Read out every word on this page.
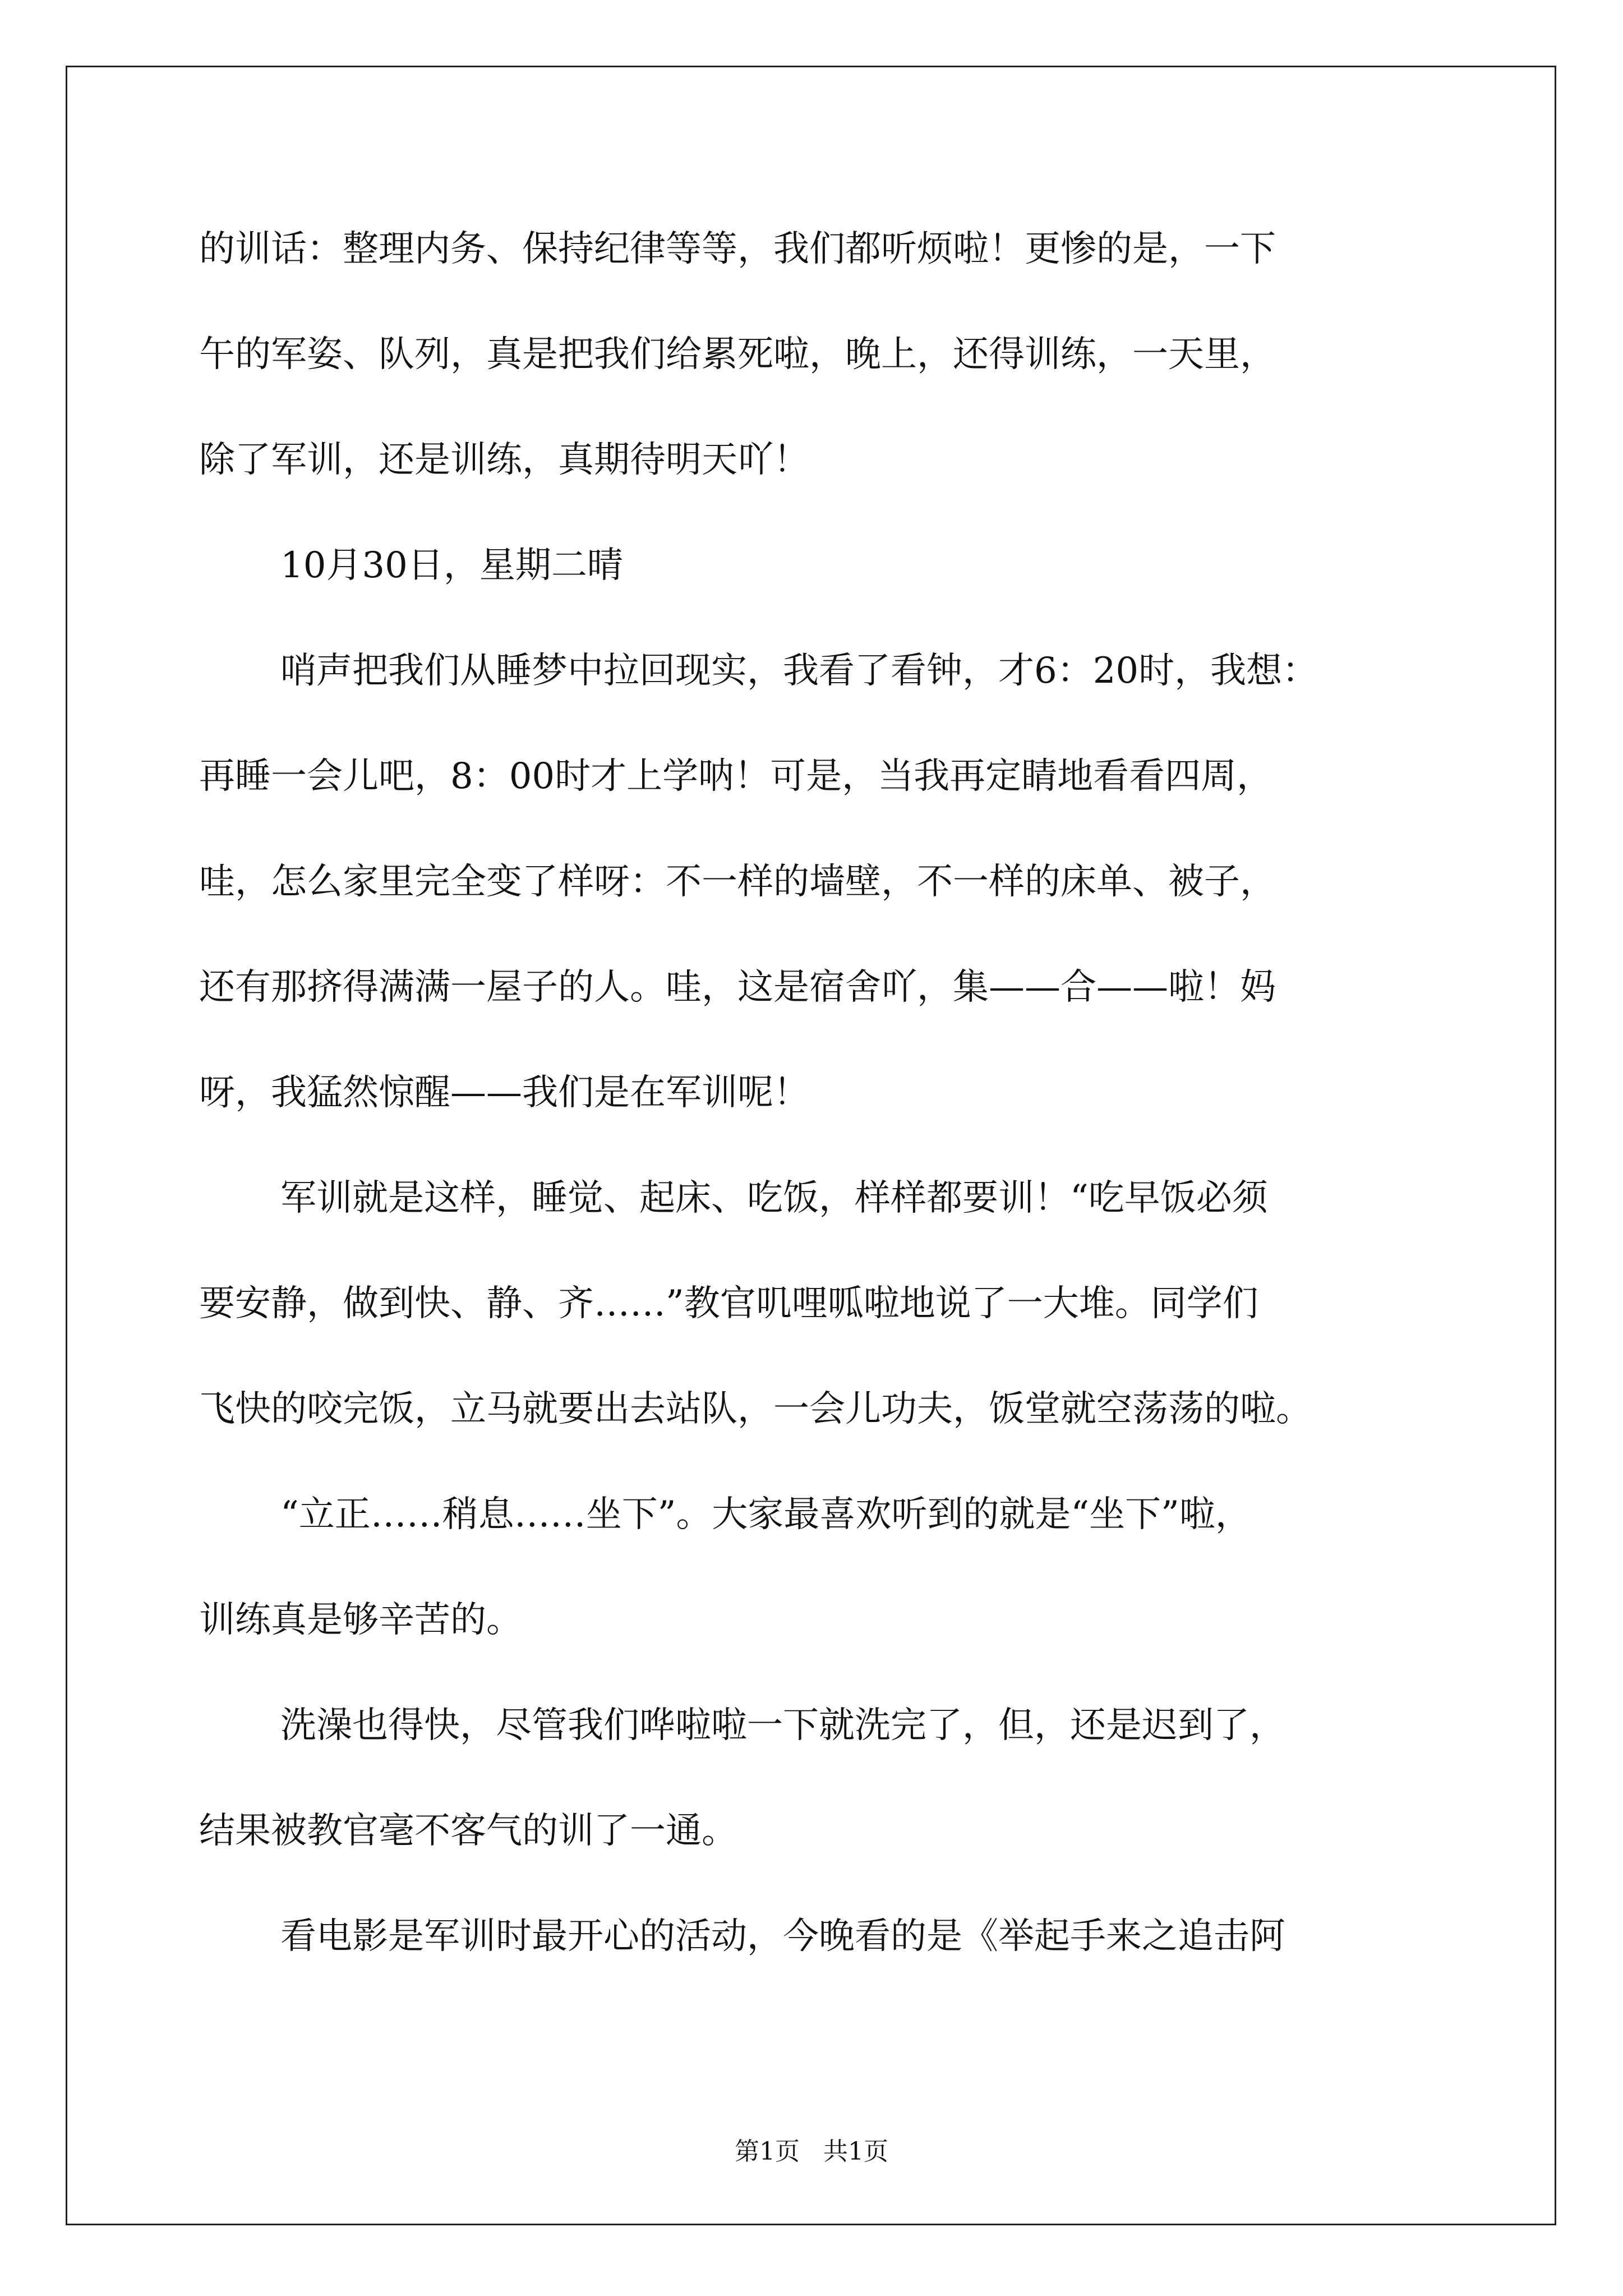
的训话：整理内务、保持纪律等等，我们都听烦啦！更惨的是，一下
午的军姿、队列，真是把我们给累死啦，晚上，还得训练，一天里，
除了军训，还是训练，真期待明天吖！
10月30日，星期二晴
哨声把我们从睡梦中拉回现实，我看了看钟，才6：20时，我想：
再睡一会儿吧，8：00时才上学呐！可是，当我再定睛地看看四周，
哇，怎么家里完全变了样呀：不一样的墙壁，不一样的床单、被子，
还有那挤得满满一屋子的人。哇，这是宿舍吖，集——合——啦！妈
呀，我猛然惊醒——我们是在军训呢！
军训就是这样，睡觉、起床、吃饭，样样都要训！“吃早饭必须
要安静，做到快、静、齐……”教官叽哩呱啦地说了一大堆。同学们
飞快的咬完饭，立马就要出去站队，一会儿功夫，饭堂就空荡荡的啦。
“立正……稍息……坐下”。大家最喜欢听到的就是“坐下”啦，
训练真是够辛苦的。
洗澡也得快，尽管我们哗啦啦一下就洗完了，但，还是迟到了，
结果被教官毫不客气的训了一通。
看电影是军训时最开心的活动，今晚看的是《举起手来之追击阿
第1页   共1页
